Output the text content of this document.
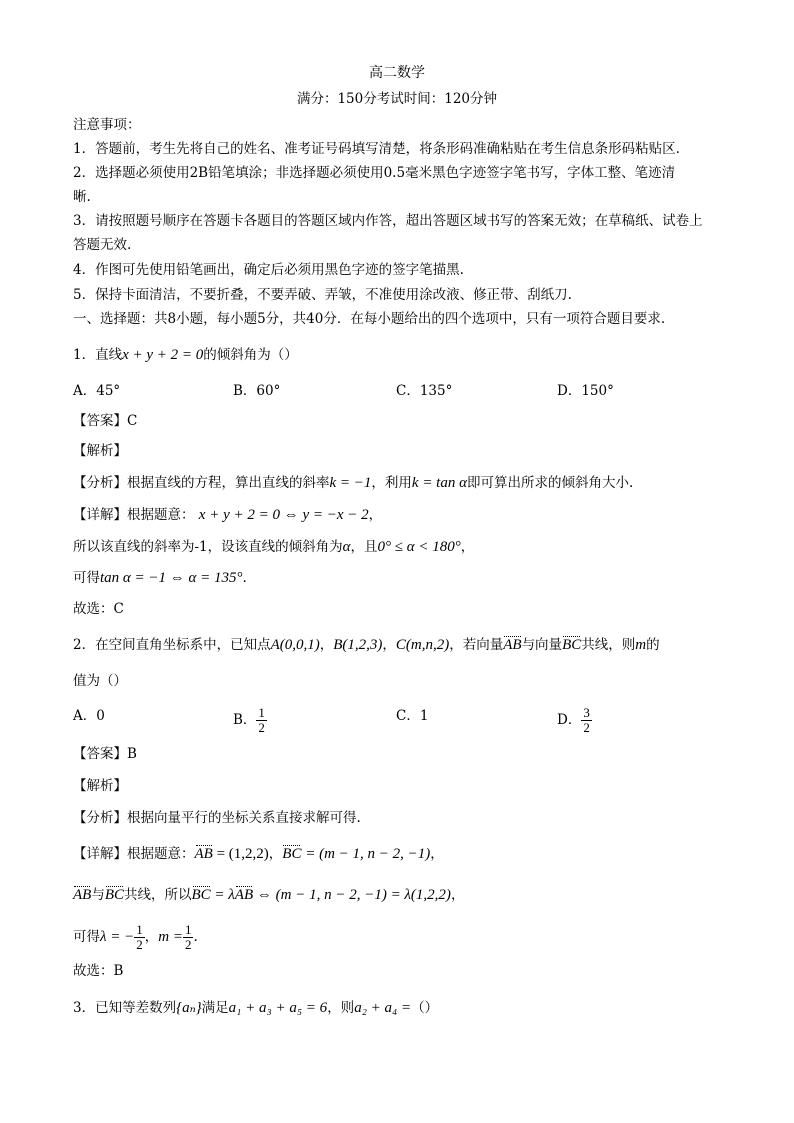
高二数学
满分：150分考试时间：120分钟
注意事项：
1．答题前，考生先将自己的姓名、准考证号码填写清楚，将条形码准确粘贴在考生信息条形码粘贴区.
2．选择题必须使用2B铅笔填涂；非选择题必须使用0.5毫米黑色字迹签字笔书写，字体工整、笔迹清
晰.
3．请按照题号顺序在答题卡各题目的答题区域内作答，超出答题区域书写的答案无效；在草稿纸、试卷上
答题无效.
4．作图可先使用铅笔画出，确定后必须用黑色字迹的签字笔描黑.
5．保持卡面清洁，不要折叠，不要弄破、弄皱，不准使用涂改液、修正带、刮纸刀.
一、选择题：共8小题，每小题5分，共40分．在每小题给出的四个选项中，只有一项符合题目要求.
1．直线x + y + 2 = 0的倾斜角为（）
A．45°	B．60°	C．135°	D．150°
【答案】C
【解析】
【分析】根据直线的方程，算出直线的斜率k = −1，利用k = tan α即可算出所求的倾斜角大小.
【详解】根据题意： x + y + 2 = 0 ⇔ y = −x − 2，
所以该直线的斜率为-1，设该直线的倾斜角为α，且0° ≤ α < 180°，
可得tan α = −1 ⇔ α = 135°.
故选：C
2．在空间直角坐标系中，已知点A(0,0,1)，B(1,2,3)，C(m,n,2)，若向量AB与向量BC共线，则m的
值为（）
A．0	B． $\frac{1}{2}$	C．1	D． $\frac{3}{2}$
【答案】B
【解析】
【分析】根据向量平行的坐标关系直接求解可得.
【详解】根据题意：AB = (1,2,2)，BC = (m − 1, n − 2, −1)，
AB与BC共线，所以BC = λAB ⇔ (m − 1, n − 2, −1) = λ(1,2,2)，
可得λ = − $\frac{1}{2}$ ，$m = \frac{1}{2}$ .
故选：B
3．已知等差数列{aₙ}满足a₁ + a₃ + a₅ = 6，则a₂ + a₄ =（）
